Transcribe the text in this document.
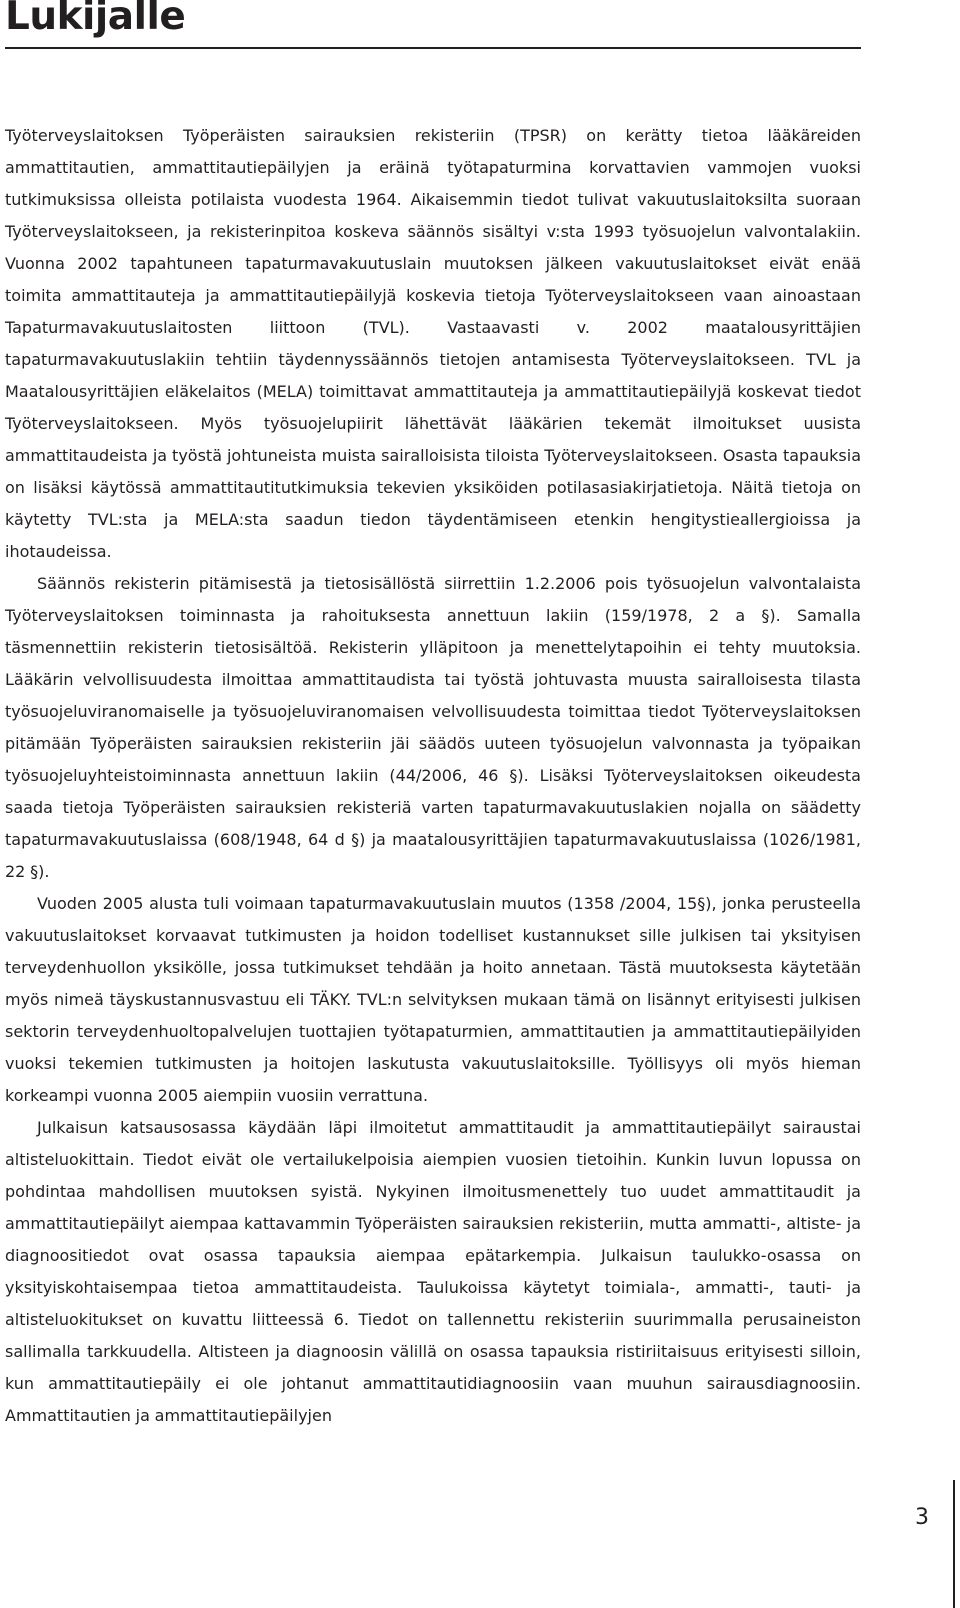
Lukijalle

Työterveyslaitoksen Työperäisten sairauksien rekisteriin (TPSR) on kerätty tietoa lääkäreiden ammattitautien, ammattitautiepäilyjen ja eräinä työtapaturmina korvattavien vammojen vuoksi tutkimuksissa olleista potilaista vuodesta 1964. Aikaisemmin tiedot tulivat vakuutuslaitoksilta suoraan Työterveyslaitokseen, ja rekisterinpitoa koskeva säännös sisältyi v:sta 1993 työsuojelun valvontalakiin. Vuonna 2002 tapahtuneen tapaturmavakuutuslain muutoksen jälkeen vakuutuslaitokset eivät enää toimita ammattitauteja ja ammattitautiepäilyjä koskevia tietoja Työterveyslaitokseen vaan ainoastaan Tapaturmavakuutuslaitosten liittoon (TVL). Vastaavasti v. 2002 maatalousyrittäjien tapaturmavakuutuslakiin tehtiin täydennyssäännös tietojen antamisesta Työterveyslaitokseen. TVL ja Maatalousyrittäjien eläkelaitos (MELA) toimittavat ammattitauteja ja ammattitautiepäilyjä koskevat tiedot Työterveyslaitokseen. Myös työsuojelupiirit lähettävät lääkärien tekemät ilmoitukset uusista ammattitaudeista ja työstä johtuneista muista sairalloisista tiloista Työterveyslaitokseen. Osasta tapauksia on lisäksi käytössä ammattitautitutkimuksia tekevien yksiköiden potilasasiakirjatietoja. Näitä tietoja on käytetty TVL:sta ja MELA:sta saadun tiedon täydentämiseen etenkin hengitystieallergioissa ja ihotaudeissa.

Säännös rekisterin pitämisestä ja tietosisällöstä siirrettiin 1.2.2006 pois työsuojelun valvontalaista Työterveyslaitoksen toiminnasta ja rahoituksesta annettuun lakiin (159/1978, 2 a §). Samalla täsmennettiin rekisterin tietosisältöä. Rekisterin ylläpitoon ja menettelytapoihin ei tehty muutoksia. Lääkärin velvollisuudesta ilmoittaa ammattitaudista tai työstä johtuvasta muusta sairalloisesta tilasta työsuojeluviranomaiselle ja työsuojeluviranomaisen velvollisuudesta toimittaa tiedot Työterveyslaitoksen pitämään Työperäisten sairauksien rekisteriin jäi säädös uuteen työsuojelun valvonnasta ja työpaikan työsuojeluyhteistoiminnasta annettuun lakiin (44/2006, 46 §). Lisäksi Työterveyslaitoksen oikeudesta saada tietoja Työperäisten sairauksien rekisteriä varten tapaturmavakuutuslakien nojalla on säädetty tapaturmavakuutuslaissa (608/1948, 64 d §) ja maatalousyrittäjien tapaturmavakuutuslaissa (1026/1981, 22 §).

Vuoden 2005 alusta tuli voimaan tapaturmavakuutuslain muutos (1358 /2004, 15§), jonka perusteella vakuutuslaitokset korvaavat tutkimusten ja hoidon todelliset kustannukset sille julkisen tai yksityisen terveydenhuollon yksikölle, jossa tutkimukset tehdään ja hoito annetaan. Tästä muutoksesta käytetään myös nimeä täyskustannusvastuu eli TÄKY. TVL:n selvityksen mukaan tämä on lisännyt erityisesti julkisen sektorin terveydenhuoltopalvelujen tuottajien työtapaturmien, ammattitautien ja ammattitautiepäilyiden vuoksi tekemien tutkimusten ja hoitojen laskutusta vakuutuslaitoksille. Työllisyys oli myös hieman korkeampi vuonna 2005 aiempiin vuosiin verrattuna.

Julkaisun katsausosassa käydään läpi ilmoitetut ammattitaudit ja ammattitautiepäilyt sairaustai altisteluokittain. Tiedot eivät ole vertailukelpoisia aiempien vuosien tietoihin. Kunkin luvun lopussa on pohdintaa mahdollisen muutoksen syistä. Nykyinen ilmoitusmenettely tuo uudet ammattitaudit ja ammattitautiepäilyt aiempaa kattavammin Työperäisten sairauksien rekisteriin, mutta ammatti-, altiste- ja diagnoositiedot ovat osassa tapauksia aiempaa epätarkempia. Julkaisun taulukko-osassa on yksityiskohtaisempaa tietoa ammattitaudeista. Taulukoissa käytetyt toimiala-, ammatti-, tauti- ja altisteluokitukset on kuvattu liitteessä 6. Tiedot on tallennettu rekisteriin suurimmalla perusaineiston sallimalla tarkkuudella. Altisteen ja diagnoosin välillä on osassa tapauksia ristiriitaisuus erityisesti silloin, kun ammattitautiepäily ei ole johtanut ammattitautidiagnoosiin vaan muuhun sairausdiagnoosiin. Ammattitautien ja ammattitautiepäilyjen

3
